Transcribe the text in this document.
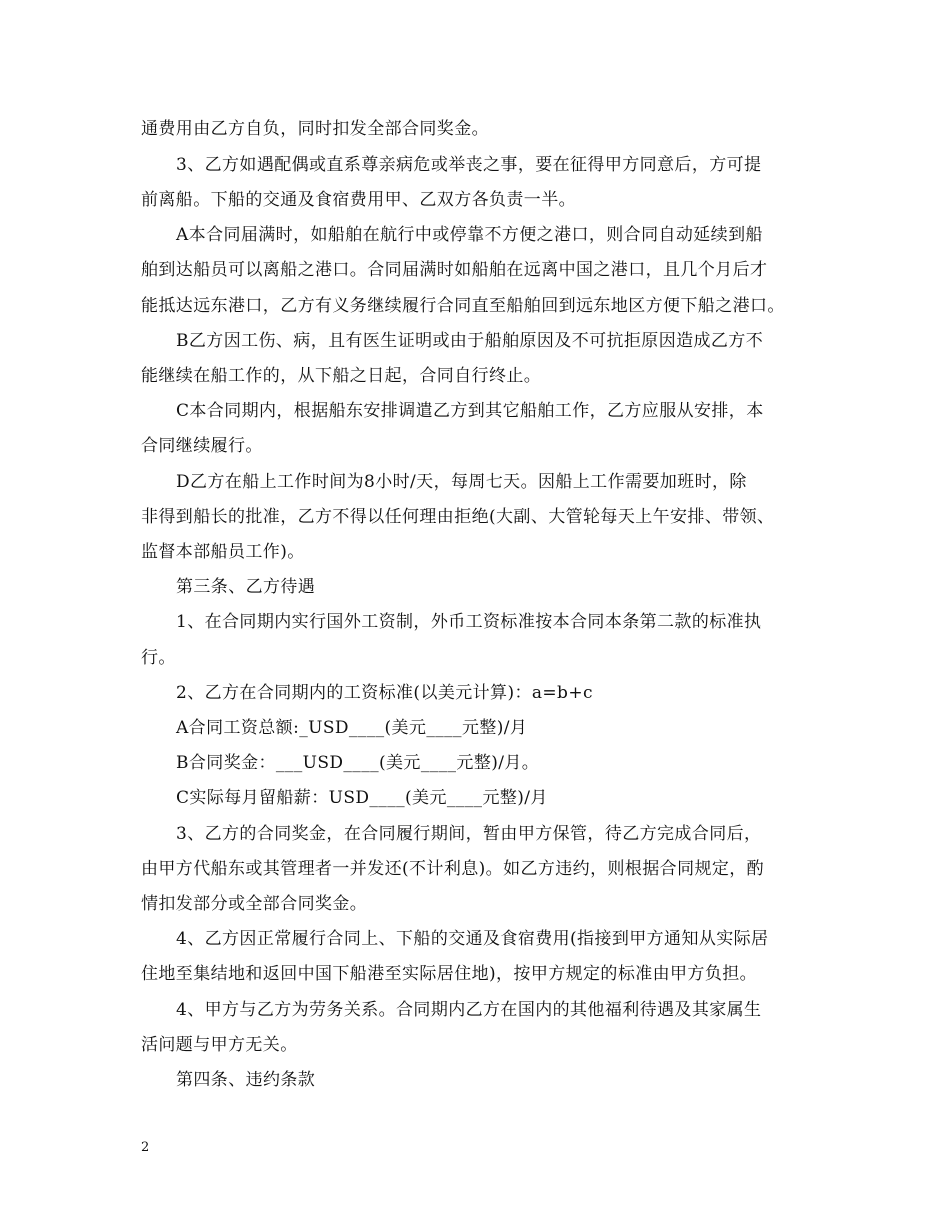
通费用由乙方自负，同时扣发全部合同奖金。
3、乙方如遇配偶或直系尊亲病危或举丧之事，要在征得甲方同意后，方可提
前离船。下船的交通及食宿费用甲、乙双方各负责一半。
A本合同届满时，如船舶在航行中或停靠不方便之港口，则合同自动延续到船
舶到达船员可以离船之港口。合同届满时如船舶在远离中国之港口，且几个月后才
能抵达远东港口，乙方有义务继续履行合同直至船舶回到远东地区方便下船之港口。
B乙方因工伤、病，且有医生证明或由于船舶原因及不可抗拒原因造成乙方不
能继续在船工作的，从下船之日起，合同自行终止。
C本合同期内，根据船东安排调遣乙方到其它船舶工作，乙方应服从安排，本
合同继续履行。
D乙方在船上工作时间为8小时/天，每周七天。因船上工作需要加班时，除
非得到船长的批准，乙方不得以任何理由拒绝(大副、大管轮每天上午安排、带领、
监督本部船员工作)。
第三条、乙方待遇
1、在合同期内实行国外工资制，外币工资标准按本合同本条第二款的标准执
行。
2、乙方在合同期内的工资标准(以美元计算)：a=b+c
A合同工资总额:_USD____(美元____元整)/月
B合同奖金：___USD____(美元____元整)/月。
C实际每月留船薪：USD____(美元____元整)/月
3、乙方的合同奖金，在合同履行期间，暂由甲方保管，待乙方完成合同后，
由甲方代船东或其管理者一并发还(不计利息)。如乙方违约，则根据合同规定，酌
情扣发部分或全部合同奖金。
4、乙方因正常履行合同上、下船的交通及食宿费用(指接到甲方通知从实际居
住地至集结地和返回中国下船港至实际居住地)，按甲方规定的标准由甲方负担。
4、甲方与乙方为劳务关系。合同期内乙方在国内的其他福利待遇及其家属生
活问题与甲方无关。
第四条、违约条款
2
